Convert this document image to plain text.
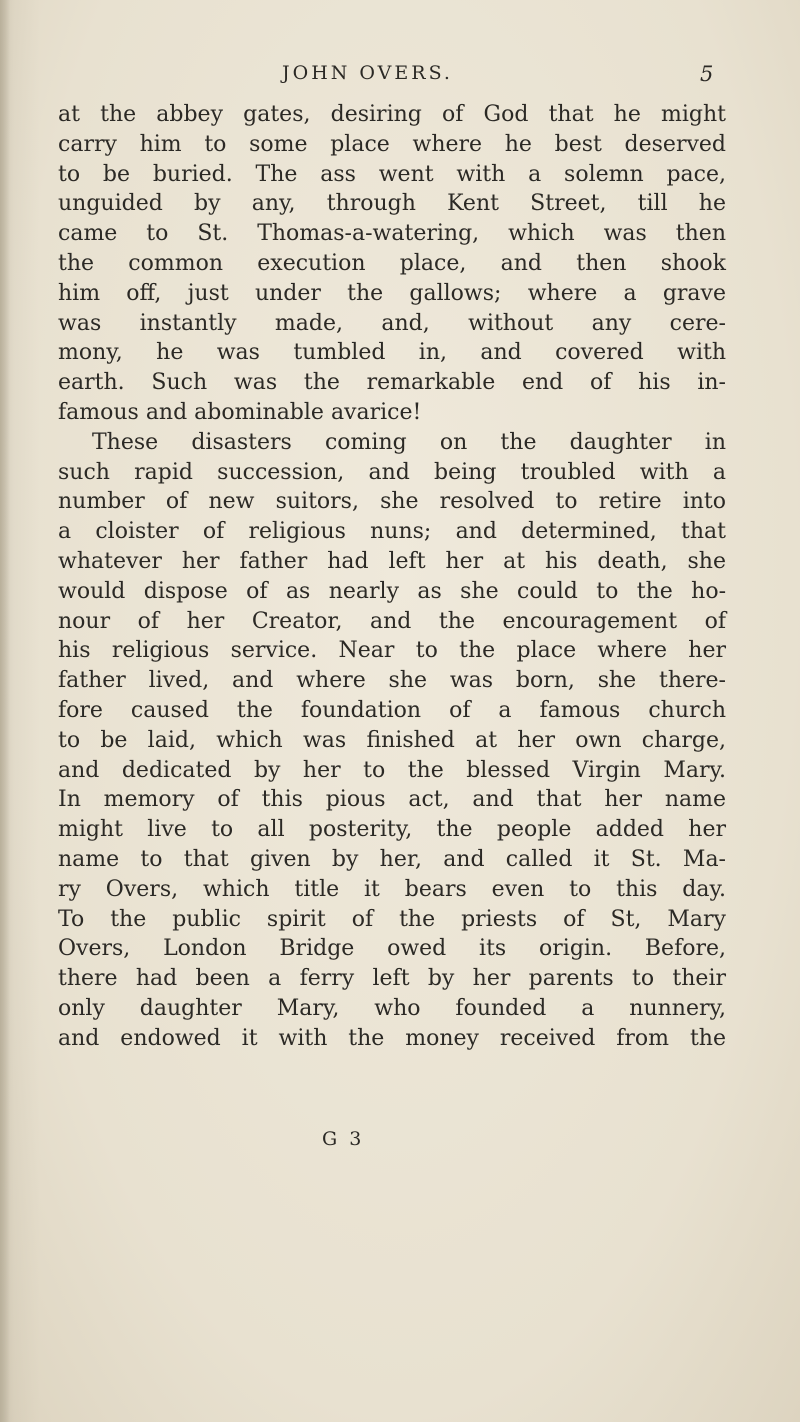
JOHN OVERS.	5
at the abbey gates, desiring of God that he might
carry him to some place where he best deserved
to be buried. The ass went with a solemn pace,
unguided by any, through Kent Street, till he
came to St. Thomas-a-watering, which was then
the common execution place, and then shook
him off, just under the gallows; where a grave
was instantly made, and, without any cere-
mony, he was tumbled in, and covered with
earth. Such was the remarkable end of his in-
famous and abominable avarice!
These disasters coming on the daughter in
such rapid succession, and being troubled with a
number of new suitors, she resolved to retire into
a cloister of religious nuns; and determined, that
whatever her father had left her at his death, she
would dispose of as nearly as she could to the ho-
nour of her Creator, and the encouragement of
his religious service. Near to the place where her
father lived, and where she was born, she there-
fore caused the foundation of a famous church
to be laid, which was finished at her own charge,
and dedicated by her to the blessed Virgin Mary.
In memory of this pious act, and that her name
might live to all posterity, the people added her
name to that given by her, and called it St. Ma-
ry Overs, which title it bears even to this day.
To the public spirit of the priests of St, Mary
Overs, London Bridge owed its origin. Before,
there had been a ferry left by her parents to their
only daughter Mary, who founded a nunnery,
and endowed it with the money received from the
G 3
